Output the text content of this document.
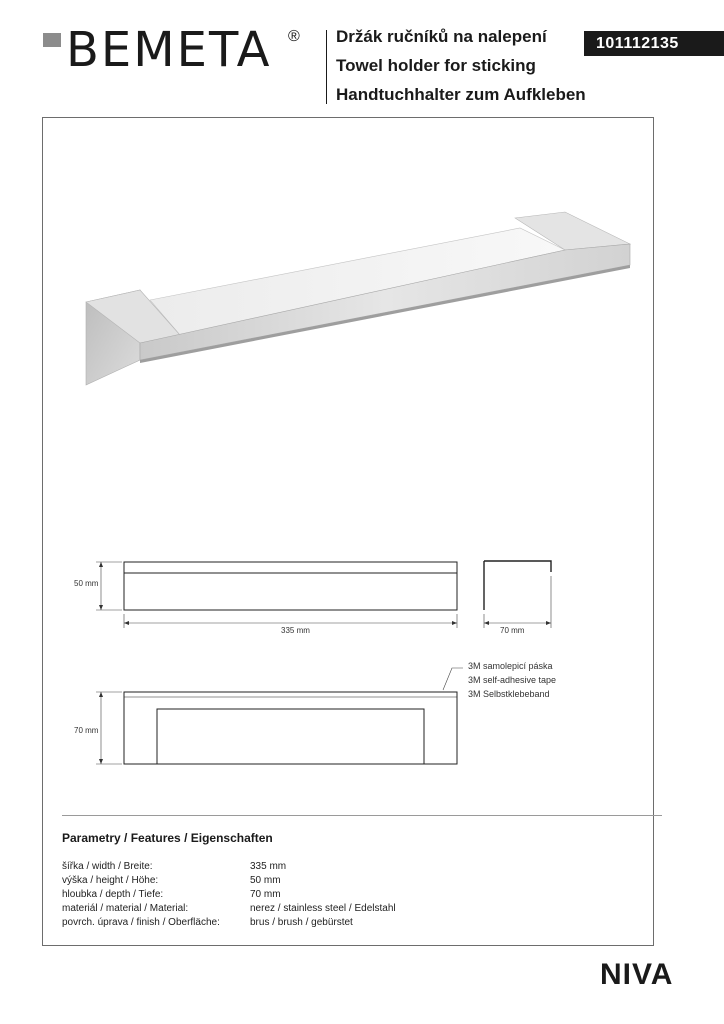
BEMETA ® Držák ručníků na nalepení
Towel holder for sticking
Handtuchhalter zum Aufkleben
101112135
50 mm
335 mm	70 mm
70 mm
3M samolepicí páska
3M self-adhesive tape
3M Selbstklebeband
Parametry / Features / Eigenschaften
šířka / width / Breite:	335 mm
výška / height / Höhe:	50 mm
hloubka / depth / Tiefe:	70 mm
materiál / material / Material:	nerez / stainless steel / Edelstahl
povrch. úprava / finish / Oberfläche:	brus / brush / gebürstet
NIVA
